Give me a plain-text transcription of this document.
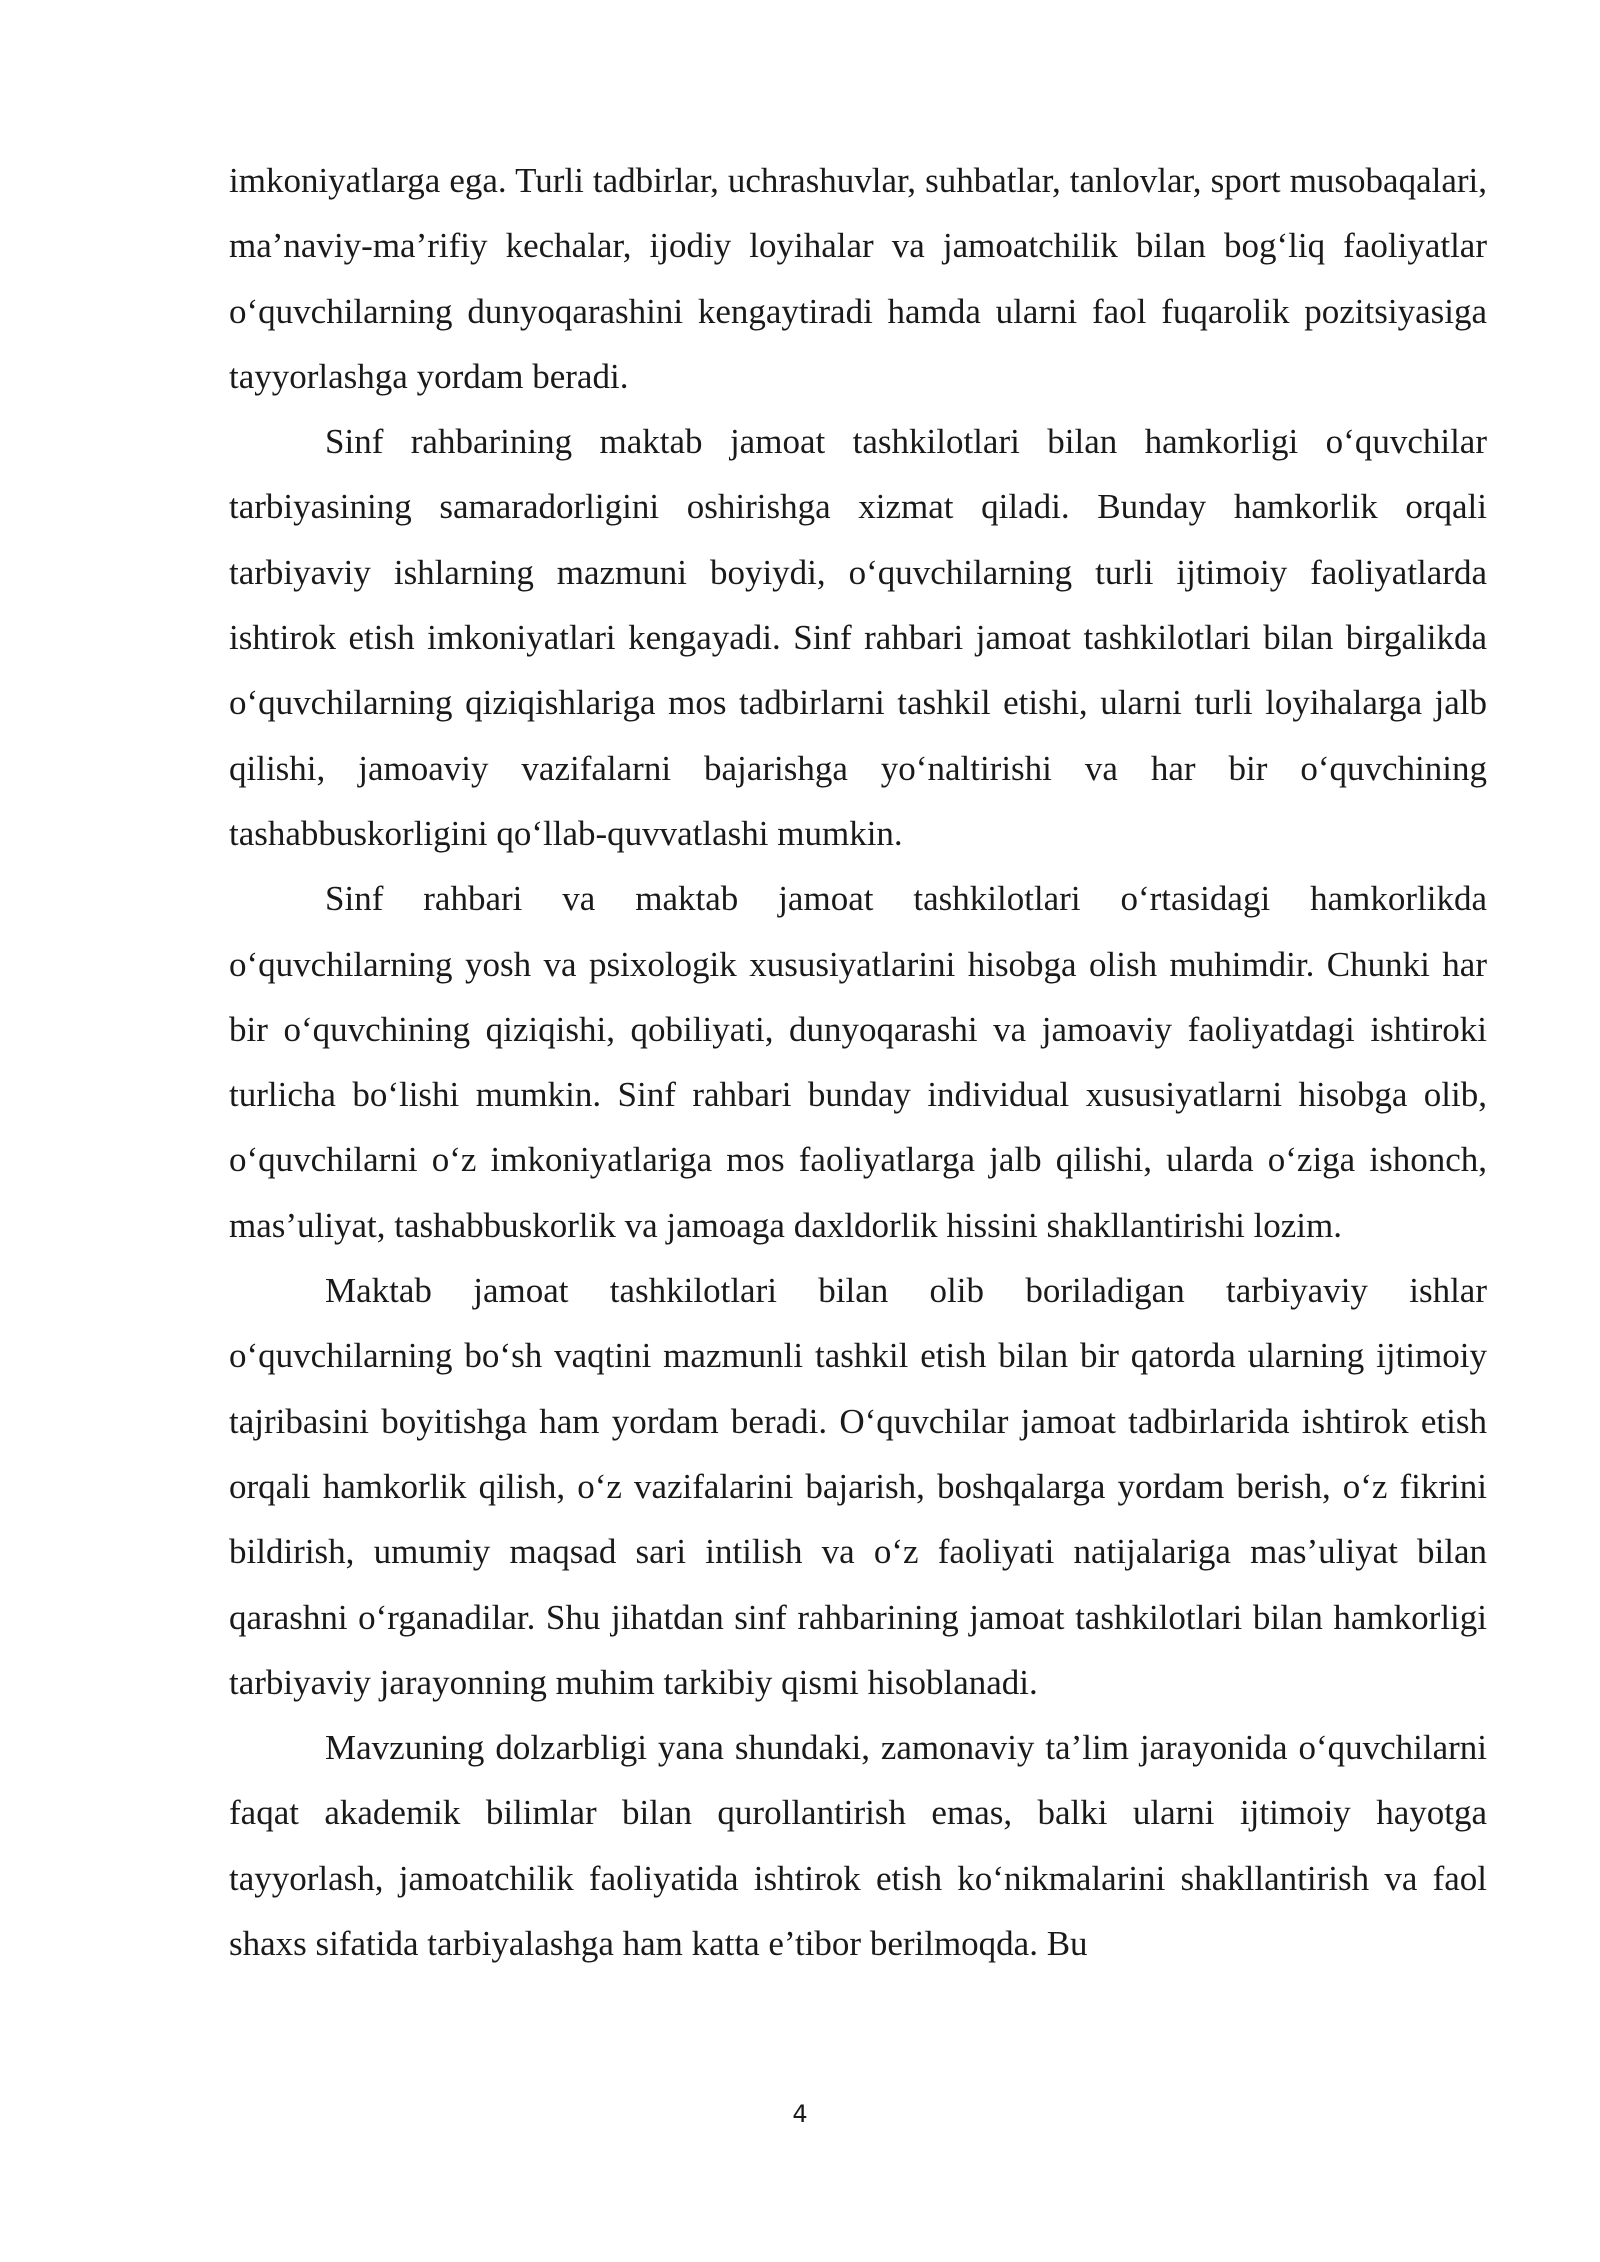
imkoniyatlarga ega. Turli tadbirlar, uchrashuvlar, suhbatlar, tanlovlar, sport musobaqalari, ma’naviy-ma’rifiy kechalar, ijodiy loyihalar va jamoatchilik bilan bog‘liq faoliyatlar o‘quvchilarning dunyoqarashini kengaytiradi hamda ularni faol fuqarolik pozitsiyasiga tayyorlashga yordam beradi.

Sinf rahbarining maktab jamoat tashkilotlari bilan hamkorligi o‘quvchilar tarbiyasining samaradorligini oshirishga xizmat qiladi. Bunday hamkorlik orqali tarbiyaviy ishlarning mazmuni boyiydi, o‘quvchilarning turli ijtimoiy faoliyatlarda ishtirok etish imkoniyatlari kengayadi. Sinf rahbari jamoat tashkilotlari bilan birgalikda o‘quvchilarning qiziqishlariga mos tadbirlarni tashkil etishi, ularni turli loyihalarga jalb qilishi, jamoaviy vazifalarni bajarishga yo‘naltirishi va har bir o‘quvchining tashabbuskorligini qo‘llab-quvvatlashi mumkin.

Sinf rahbari va maktab jamoat tashkilotlari o‘rtasidagi hamkorlikda o‘quvchilarning yosh va psixologik xususiyatlarini hisobga olish muhimdir. Chunki har bir o‘quvchining qiziqishi, qobiliyati, dunyoqarashi va jamoaviy faoliyatdagi ishtiroki turlicha bo‘lishi mumkin. Sinf rahbari bunday individual xususiyatlarni hisobga olib, o‘quvchilarni o‘z imkoniyatlariga mos faoliyatlarga jalb qilishi, ularda o‘ziga ishonch, mas’uliyat, tashabbuskorlik va jamoaga daxldorlik hissini shakllantirishi lozim.

Maktab jamoat tashkilotlari bilan olib boriladigan tarbiyaviy ishlar o‘quvchilarning bo‘sh vaqtini mazmunli tashkil etish bilan bir qatorda ularning ijtimoiy tajribasini boyitishga ham yordam beradi. O‘quvchilar jamoat tadbirlarida ishtirok etish orqali hamkorlik qilish, o‘z vazifalarini bajarish, boshqalarga yordam berish, o‘z fikrini bildirish, umumiy maqsad sari intilish va o‘z faoliyati natijalariga mas’uliyat bilan qarashni o‘rganadilar. Shu jihatdan sinf rahbarining jamoat tashkilotlari bilan hamkorligi tarbiyaviy jarayonning muhim tarkibiy qismi hisoblanadi.

Mavzuning dolzarbligi yana shundaki, zamonaviy ta’lim jarayonida o‘quvchilarni faqat akademik bilimlar bilan qurollantirish emas, balki ularni ijtimoiy hayotga tayyorlash, jamoatchilik faoliyatida ishtirok etish ko‘nikmalarini shakllantirish va faol shaxs sifatida tarbiyalashga ham katta e’tibor berilmoqda. Bu

4
